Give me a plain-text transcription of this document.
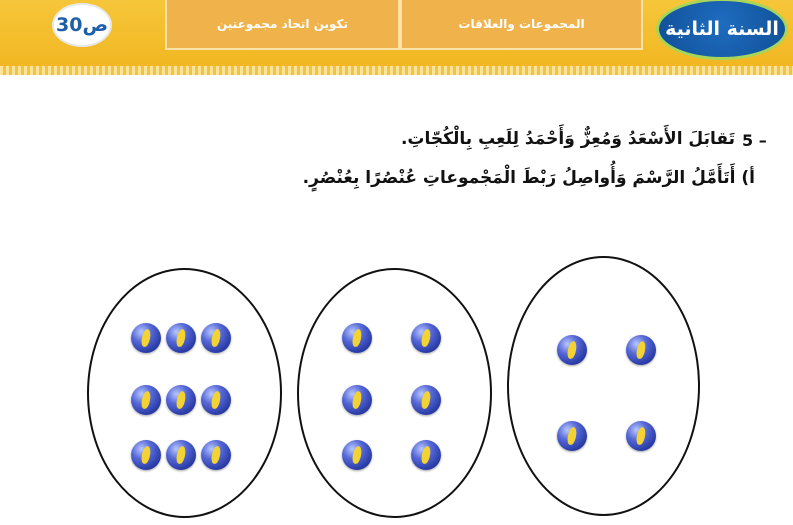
ص30	تكوين اتحاد مجموعتين	المجموعات والعلاقات	السنة الثانية
5 –
تَقابَلَ الأَسْعَدُ وَمُعِزٌّ وَأَحْمَدُ لِلَعِبِ بِالْكُجّاتِ.
أ) أَتَأَمَّلُ الرَّسْمَ وَأُواصِلُ رَبْطَ الْمَجْموعاتِ عُنْصُرًا بِعُنْصُرٍ.
